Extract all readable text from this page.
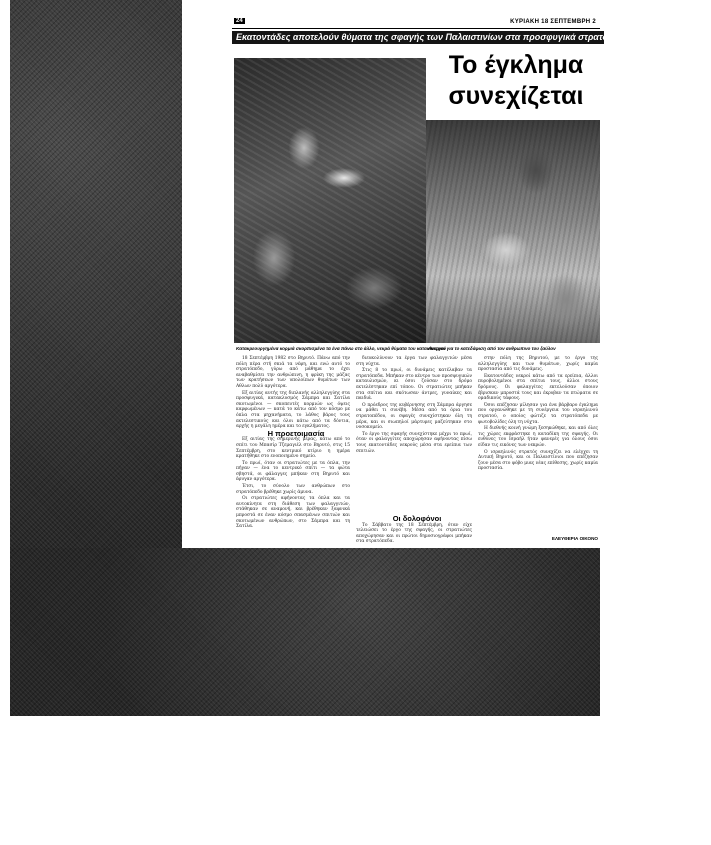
24	ΚΥΡΙΑΚΗ 18 ΣΕΠΤΕΜΒΡΗ 2
Εκατοντάδες αποτελούν θύματα της σφαγής των Παλαιστινίων στα προσφυγικά στρατόπεδα Σάμπρα και Σατίλα
Το έγκλημα
συνεχίζεται
Κατακρεουργημένα κορμιά σκορπισμένα τα ένα πάνω στο άλλο, νεκρά θύματα του κατακλυσμού
Ανεργοι για το κατεδάφιση από τον ανθρωπινο του ξαύλον

18 Σεπτέμβρη 1982 στο Βηρυτό. Πάνω από την πόλη πέρα στή σκιά τα νέφη, και ενώ αυτό το στρατόπεδο, γύρω από μάθημα το έχει αναβαθμίσει την ανθρώπινη, η φρίκη της μάζας των κρατήσεων των υπολοίπων θυμάτων των Αθλων πολύ αργότερα.

Εξ αιτίας αυτής της διπλανής αλληλεγγύης στα προσφυγικά, κατακλυσμός Σάμπρα και Σατίλα σκοτωμένοι — σκοπευτές κορμιών ως όψεις καρφωμένων — κατά το κάτω από τον κόσμο με όπλα στα μηχανήματα, το λάθος βάρος τους εκτελεστικούς και όλοι κάτω από τα δόντια, αρχής η μεγάλη ημέρα και το εγκλήματος.

Η προετοιμασία

Εξ αιτίας της σημερινής μέρας, κάτω από το σπίτι του Μπασίρ Τζεμαγιέλ στο Βηρυτό, στις 15 Σεπτέμβρη, στο κεντρικό κτίριο η ημέρα κρατήθηκε στο ενοποιημένο σημείο.

Το πρωί, όταν οι στρατιώτες με τα όπλα, την πήγαν — ένα το κεντρικό σπίτι — τα φώτα σβηστά, οι φάλαγγες μπήκαν στη Βηρυτό και έφυγαν αργότερα.

Έτσι, το σύνολο των ανθρώπων στο στρατόπεδο βρέθηκε χωρίς άμυνα.

Οι στρατιώτες αφήνοντας τα όπλα και τα αυτοκίνητα στη διάθεση των φαλαγγιτών, στάθηκαν σε αναμονή, και βρέθηκαν ξαφνικά μπροστά σε έναν κόσμο σπασμένων σπιτιών και σκοτωμένων ανθρώπων, στο Σάμπρα και τη Σατίλα.

διευκολύνουν τα έργα των φαλαγγιτών μέσα στη νύχτα.

Στις 8 το πρωί, οι δυνάμεις κατέλαβαν τα στρατόπεδα. Μπήκαν στο κέντρο των προσφυγικών καταυλισμών, κι όσοι ζούσαν στο δρόμο εκτελέστηκαν επί τόπου. Οι στρατιώτες μπήκαν στα σπίτια και σκότωσαν άντρες, γυναίκες και παιδιά.

Ο πρόεδρος της κυβέρνησης στη Σάμπρα άργησε να μάθει τι συνέβη. Μέσα από τα όρια του στρατοπέδου, οι σφαγές συνεχίστηκαν όλη τη μέρα, και οι σιωπηλοί μάρτυρες μαζεύτηκαν στο νοσοκομείο.

Το έργο της σφαγής συνεχίστηκε μέχρι το πρωί, όταν οι φαλαγγίτες αποχώρησαν αφήνοντας πίσω τους εκατοντάδες νεκρούς μέσα στα ερείπια των σπιτιών.

Οι δολοφόνοι

Το Σάββατο της 18 Σεπτέμβρη, όταν είχε τελειώσει το έργο της σφαγής, οι στρατιώτες αποχώρησαν και οι πρώτοι δημοσιογράφοι μπήκαν στα στρατόπεδα.

στην πόλη της Βηρυτού, με το έργο της αλληλεγγύης και των θυμάτων, χωρίς καμία προστασία από τις δυνάμεις.

Εκατοντάδες νεκροί κάτω από τα ερείπια, άλλοι πυροβολημένοι στα σπίτια τους, άλλοι στους δρόμους. Οι φαλαγγίτες εκτελούσαν όποιον έβρισκαν μπροστά τους και έκρυβαν τα πτώματα σε ομαδικούς τάφους.

Όσοι επέζησαν μίλησαν για ένα βάρβαρο έγκλημα που οργανώθηκε με τη συνέργεια του ισραηλινού στρατού, ο οποίος φώτιζε τα στρατόπεδα με φωτοβολίδες όλη τη νύχτα.

Η διεθνής κοινή γνώμη ξεσηκώθηκε, και από όλες τις χώρες εκφράστηκε η καταδίκη της σφαγής. Οι ευθύνες του Ισραήλ ήταν φανερές για όλους όσοι είδαν τις εικόνες των νεκρών.

Ο ισραηλινός στρατός συνεχίζει να ελέγχει τη Δυτική Βηρυτό, και οι Παλαιστίνιοι που επέζησαν ζουν μέσα στο φόβο μιας νέας επίθεσης, χωρίς καμία προστασία.

ΕΛΕΥΘΕΡΙΑ ΟΙΚΟΝΟ
